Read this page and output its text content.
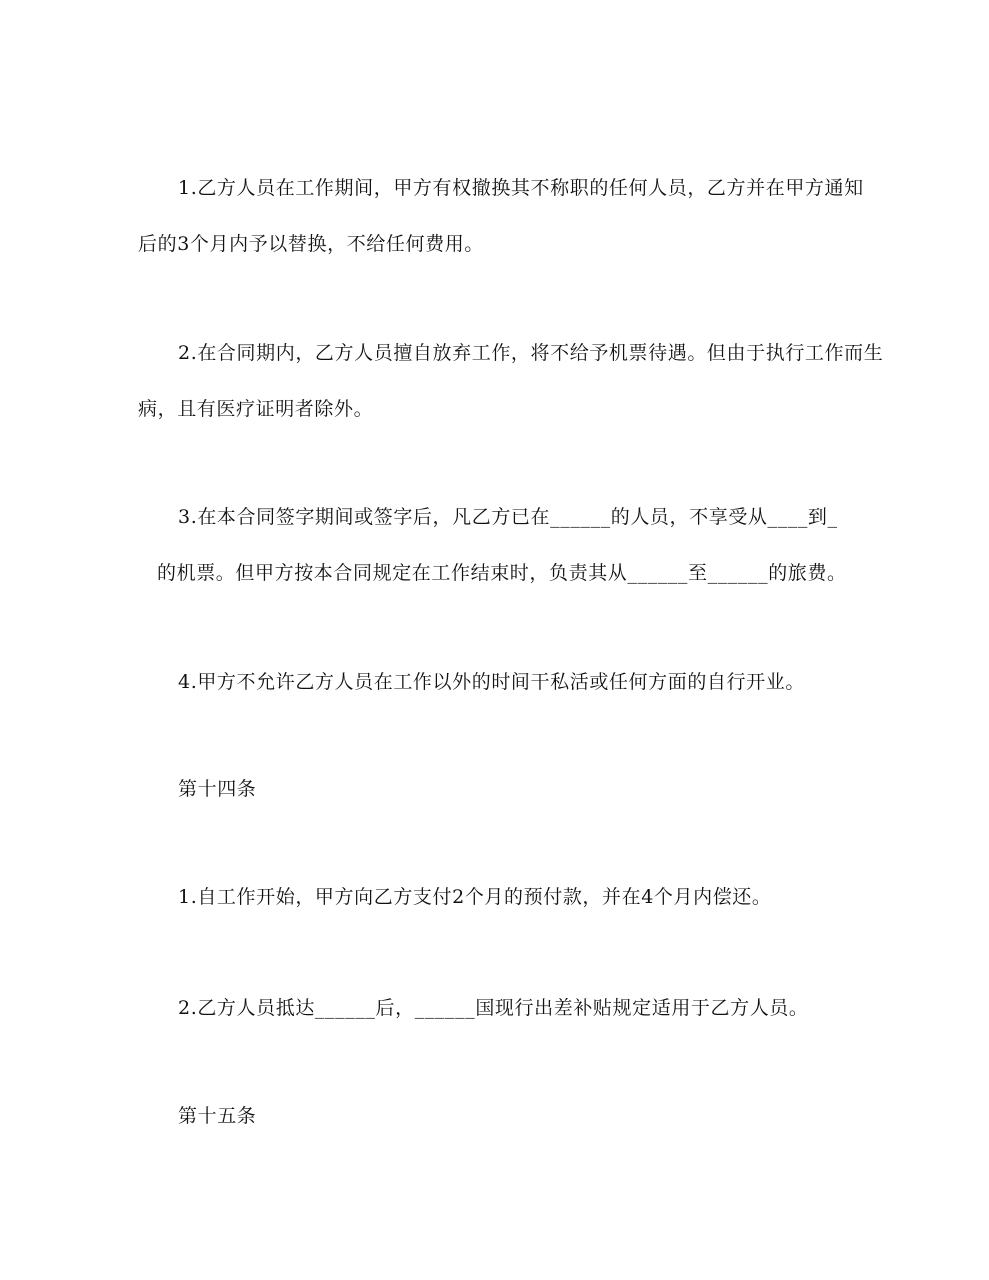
1.乙方人员在工作期间，甲方有权撤换其不称职的任何人员，乙方并在甲方通知
后的3个月内予以替换，不给任何费用。
2.在合同期内，乙方人员擅自放弃工作，将不给予机票待遇。但由于执行工作而生
病，且有医疗证明者除外。
3.在本合同签字期间或签字后，凡乙方已在______的人员，不享受从____到_
的机票。但甲方按本合同规定在工作结束时，负责其从______至______的旅费。
4.甲方不允许乙方人员在工作以外的时间干私活或任何方面的自行开业。
第十四条
1.自工作开始，甲方向乙方支付2个月的预付款，并在4个月内偿还。
2.乙方人员抵达______后，______国现行出差补贴规定适用于乙方人员。
第十五条
